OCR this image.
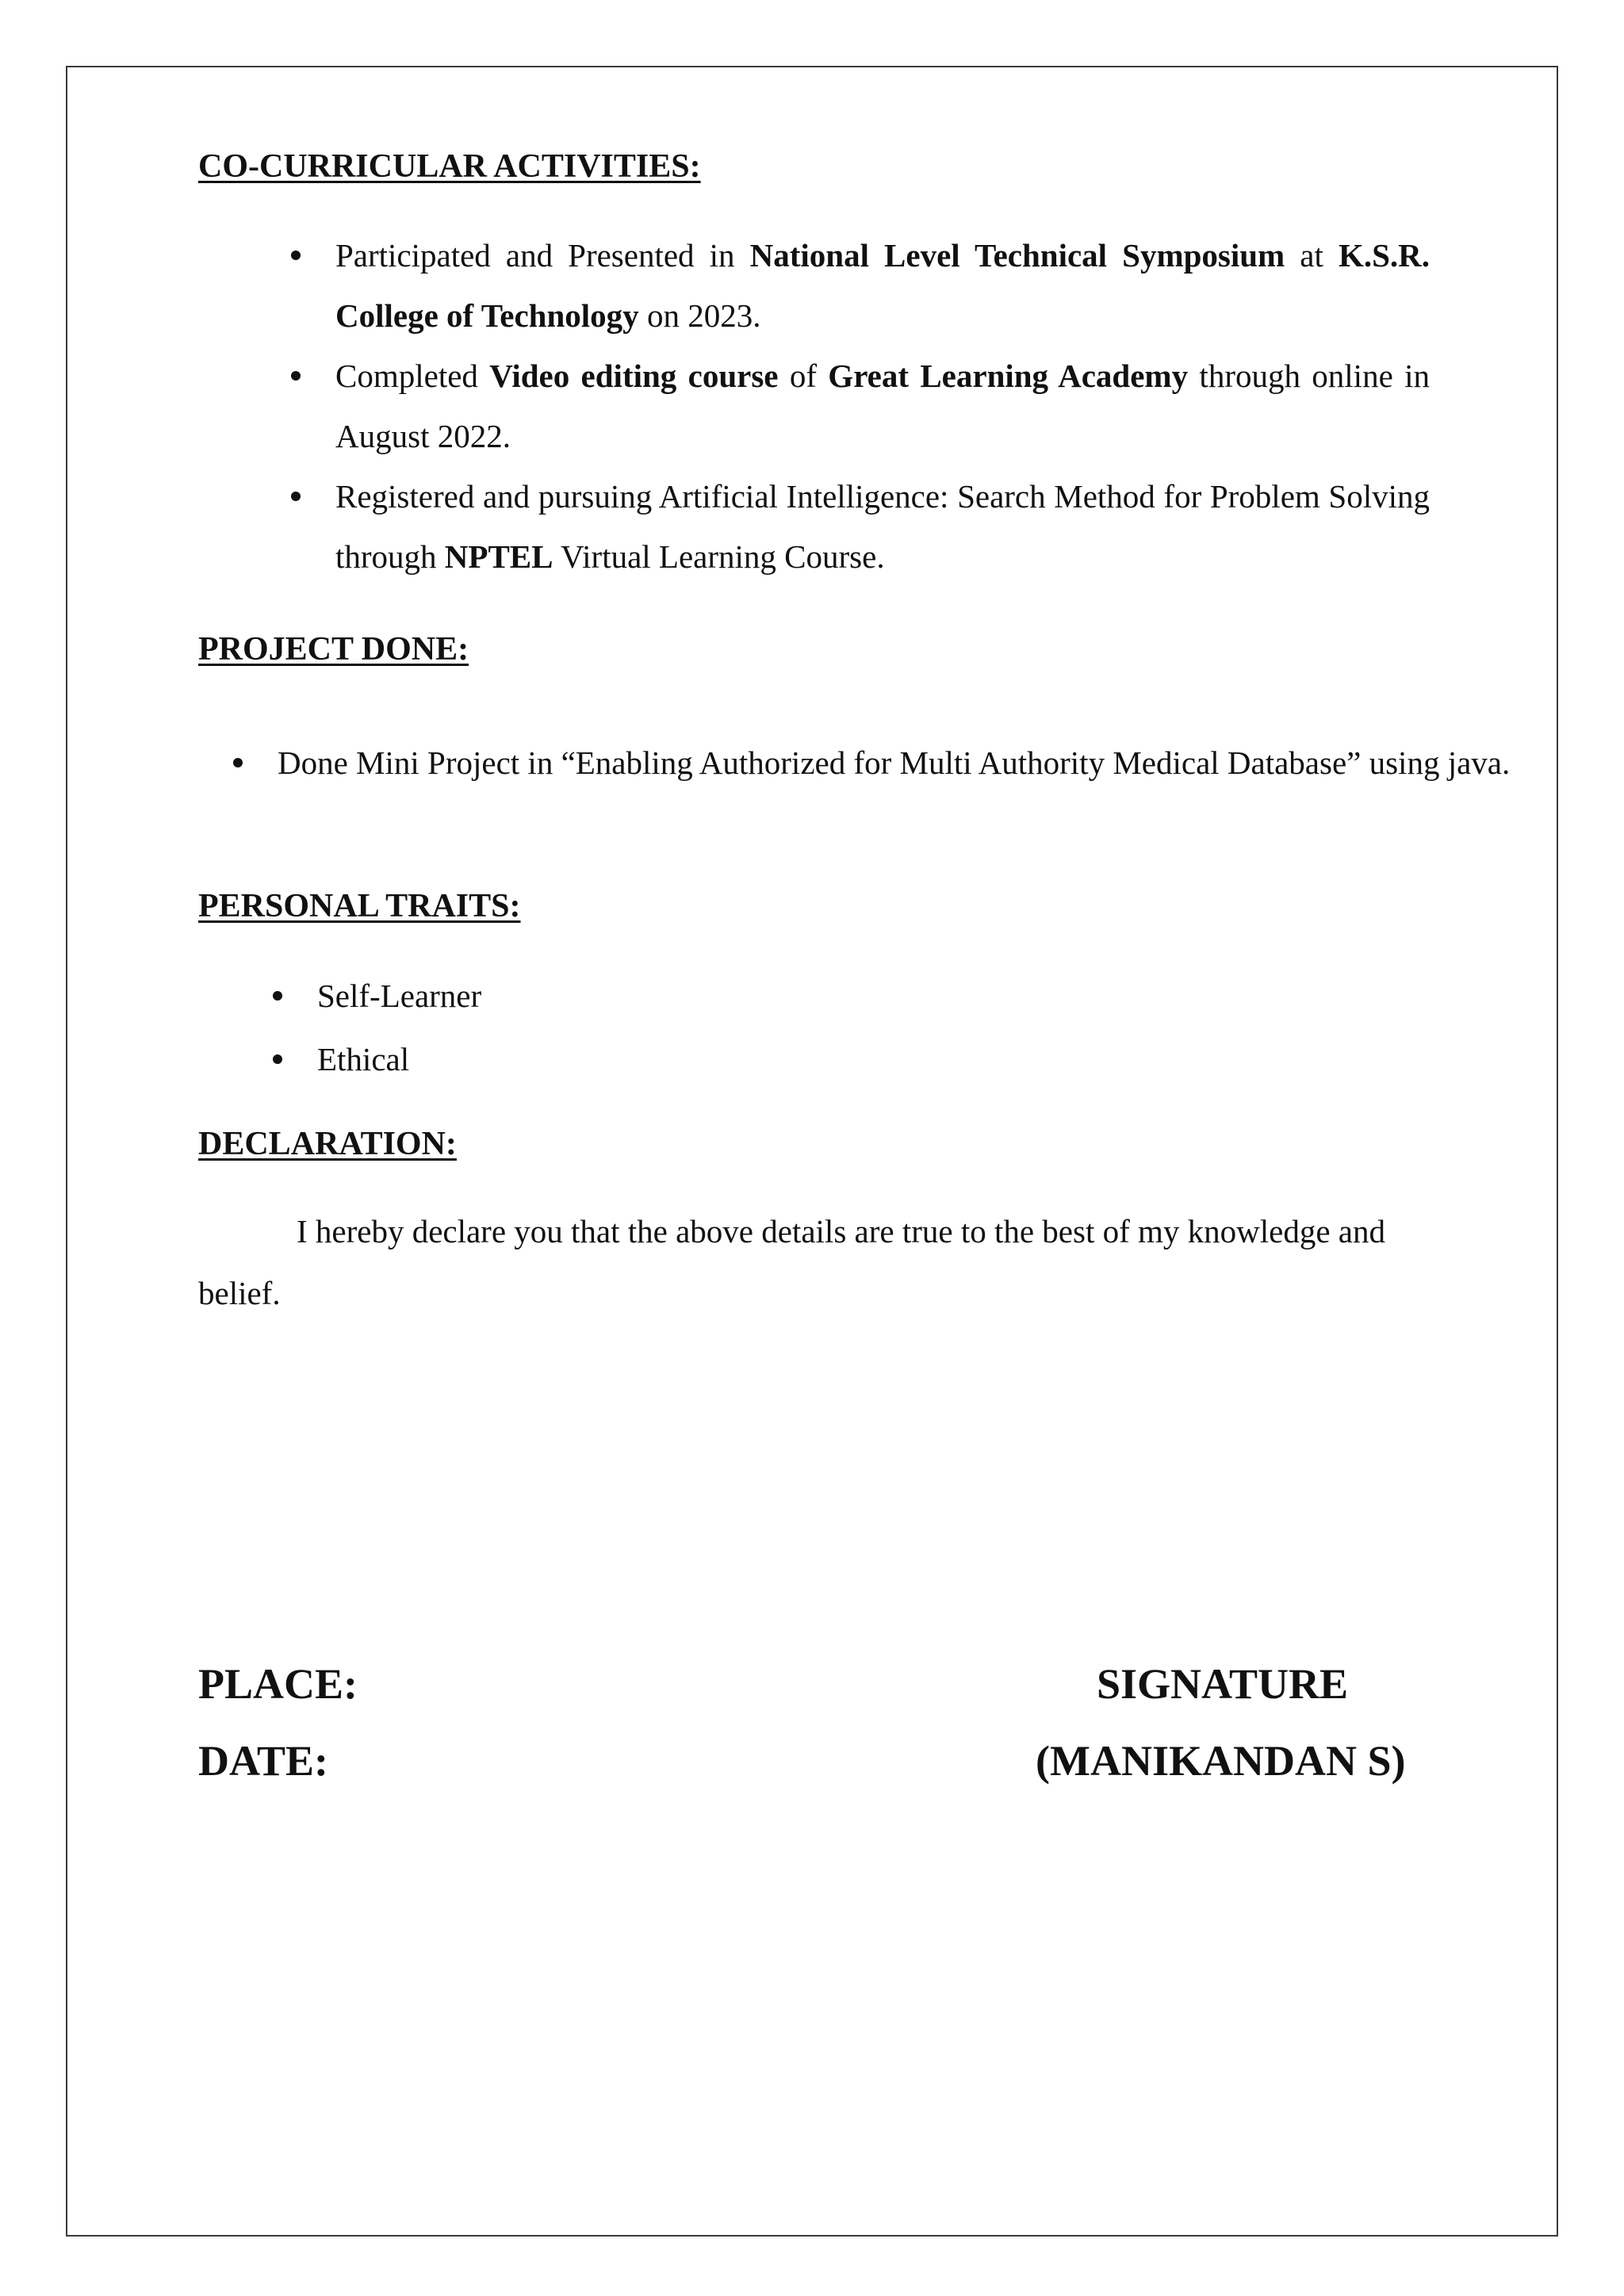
CO-CURRICULAR ACTIVITIES:
Participated and Presented in National Level Technical Symposium at K.S.R. College of Technology on 2023.
Completed Video editing course of Great Learning Academy through online in August 2022.
Registered and pursuing Artificial Intelligence: Search Method for Problem Solving through NPTEL Virtual Learning Course.
PROJECT DONE:
Done Mini Project in “Enabling Authorized for Multi Authority Medical Database” using java.
PERSONAL TRAITS:
Self-Learner
Ethical
DECLARATION:

I hereby declare you that the above details are true to the best of my knowledge and belief.

PLACE:
DATE:
SIGNATURE
(MANIKANDAN S)
